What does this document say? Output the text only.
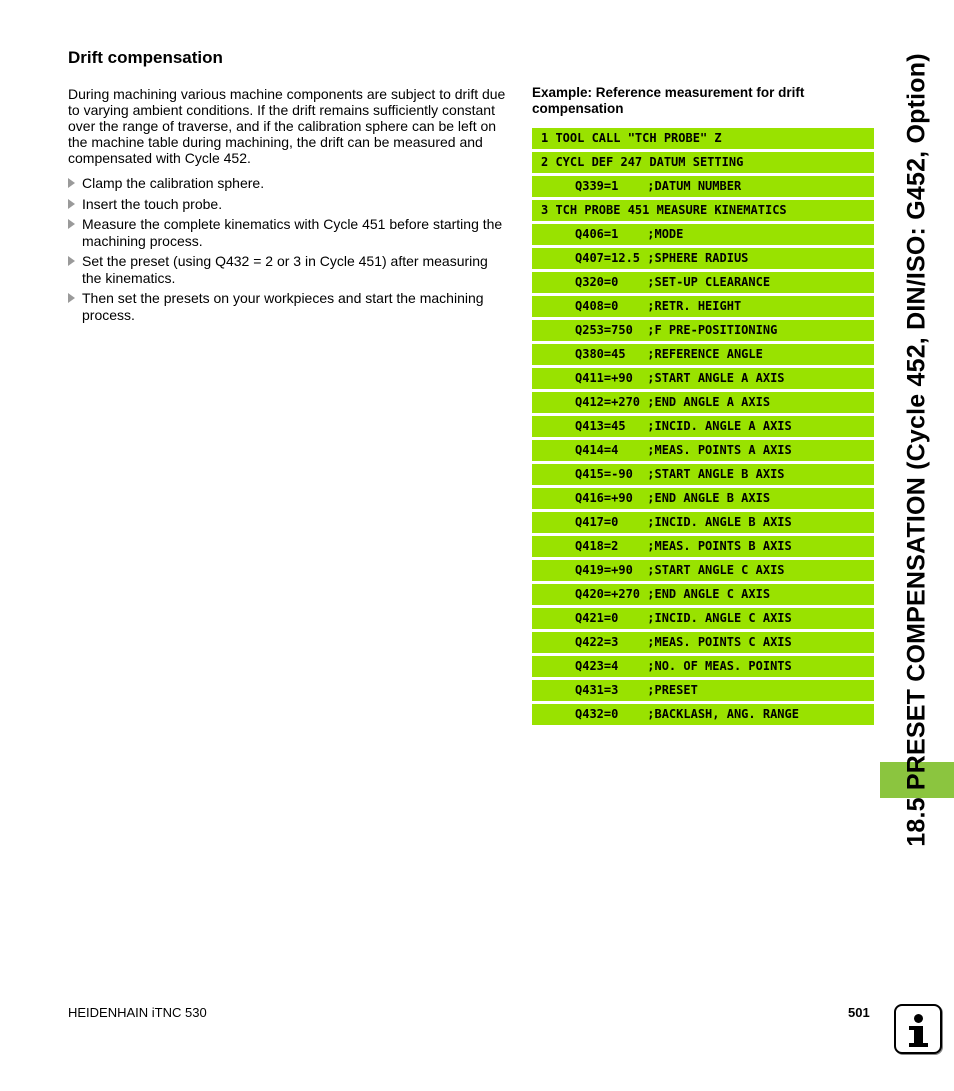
Drift compensation

During machining various machine components are subject to drift due to varying ambient conditions. If the drift remains sufficiently constant over the range of traverse, and if the calibration sphere can be left on the machine table during machining, the drift can be measured and compensated with Cycle 452.

Clamp the calibration sphere.
Insert the touch probe.
Measure the complete kinematics with Cycle 451 before starting the machining process.
Set the preset (using Q432 = 2 or 3 in Cycle 451) after measuring the kinematics.
Then set the presets on your workpieces and start the machining process.

Example: Reference measurement for drift compensation

1 TOOL CALL "TCH PROBE" Z
2 CYCL DEF 247 DATUM SETTING
Q339=1    ;DATUM NUMBER
3 TCH PROBE 451 MEASURE KINEMATICS
Q406=1    ;MODE
Q407=12.5 ;SPHERE RADIUS
Q320=0    ;SET-UP CLEARANCE
Q408=0    ;RETR. HEIGHT
Q253=750  ;F PRE-POSITIONING
Q380=45   ;REFERENCE ANGLE
Q411=+90  ;START ANGLE A AXIS
Q412=+270 ;END ANGLE A AXIS
Q413=45   ;INCID. ANGLE A AXIS
Q414=4    ;MEAS. POINTS A AXIS
Q415=-90  ;START ANGLE B AXIS
Q416=+90  ;END ANGLE B AXIS
Q417=0    ;INCID. ANGLE B AXIS
Q418=2    ;MEAS. POINTS B AXIS
Q419=+90  ;START ANGLE C AXIS
Q420=+270 ;END ANGLE C AXIS
Q421=0    ;INCID. ANGLE C AXIS
Q422=3    ;MEAS. POINTS C AXIS
Q423=4    ;NO. OF MEAS. POINTS
Q431=3    ;PRESET
Q432=0    ;BACKLASH, ANG. RANGE	18.5 PRESET COMPENSATION (Cycle 452, DIN/ISO: G452, Option)
HEIDENHAIN iTNC 530	501
